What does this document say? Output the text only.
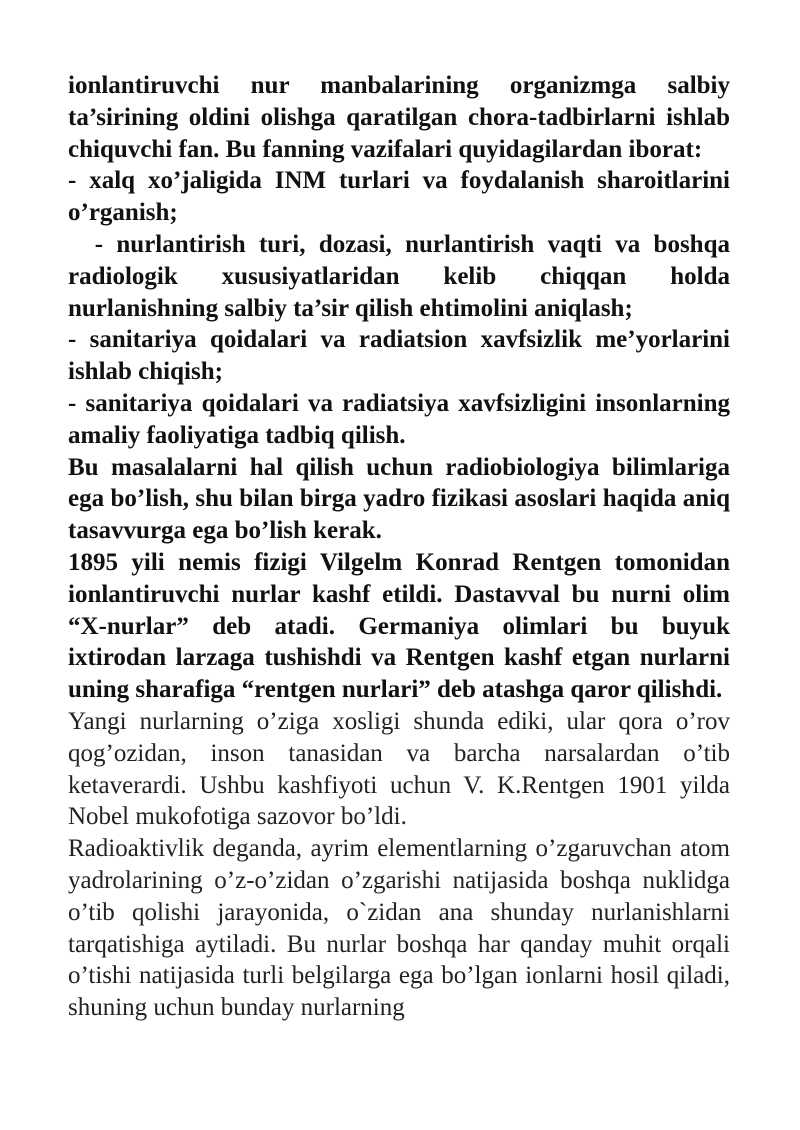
ionlantiruvchi nur manbalarining organizmga salbiy ta’sirining oldini olishga qaratilgan chora-tadbirlarni ishlab chiquvchi fan. Bu fanning vazifalari quyidagilardan iborat:

- xalq xo’jaligida INM turlari va foydalanish sharoitlarini o’rganish;

- nurlantirish turi, dozasi, nurlantirish vaqti va boshqa radiologik xususiyatlaridan kelib chiqqan holda nurlanishning salbiy ta’sir qilish ehtimolini aniqlash;

- sanitariya qoidalari va radiatsion xavfsizlik me’yorlarini ishlab chiqish;

- sanitariya qoidalari va radiatsiya xavfsizligini insonlarning amaliy faoliyatiga tadbiq qilish.

Bu masalalarni hal qilish uchun radiobiologiya bilimlariga ega bo’lish, shu bilan birga yadro fizikasi asoslari haqida aniq tasavvurga ega bo’lish kerak.

1895 yili nemis fizigi Vilgelm Konrad Rentgen tomonidan ionlantiruvchi nurlar kashf etildi. Dastavval bu nurni olim “X-nurlar” deb atadi. Germaniya olimlari bu buyuk ixtirodan larzaga tushishdi va Rentgen kashf etgan nurlarni uning sharafiga “rentgen nurlari” deb atashga qaror qilishdi.

Yangi nurlarning o’ziga xosligi shunda ediki, ular qora o’rov qog’ozidan, inson tanasidan va barcha narsalardan o’tib ketaverardi. Ushbu kashfiyoti uchun V. K.Rentgen 1901 yilda Nobel mukofotiga sazovor bo’ldi.

Radioaktivlik deganda, ayrim elementlarning o’zgaruvchan atom yadrolarining o’z-o’zidan o’zgarishi natijasida boshqa nuklidga o’tib qolishi jarayonida, o`zidan ana shunday nurlanishlarni tarqatishiga aytiladi. Bu nurlar boshqa har qanday muhit orqali o’tishi natijasida turli belgilarga ega bo’lgan ionlarni hosil qiladi, shuning uchun bunday nurlarning
